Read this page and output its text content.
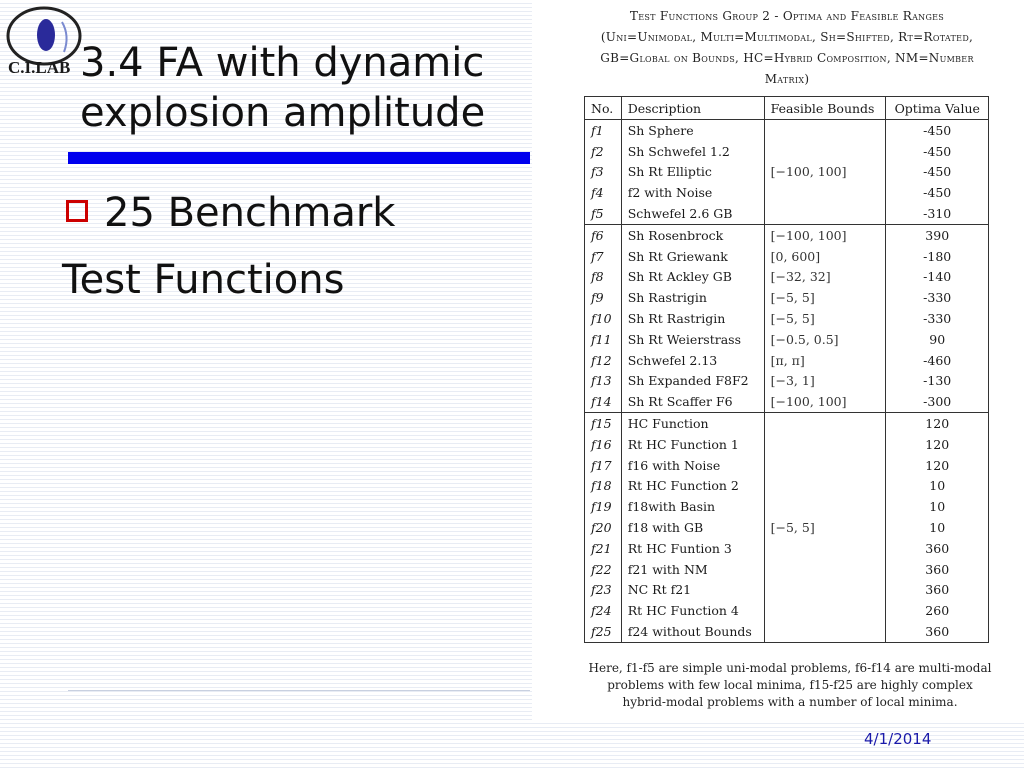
C.I.LAB 3.4 FA with dynamic
explosion amplitude
25 Benchmark
Test Functions
4/1/2014
Test Functions Group 2 - Optima and Feasible Ranges
(Uni=Unimodal, Multi=Multimodal, Sh=Shifted, Rt=Rotated,
GB=Global on Bounds, HC=Hybrid Composition, NM=Number
Matrix)
No.	Description	Feasible Bounds	Optima Value
f1	Sh Sphere		-450
f2	Sh Schwefel 1.2		-450
f3	Sh Rt Elliptic	[−100, 100]	-450
f4	f2 with Noise		-450
f5	Schwefel 2.6 GB		-310
f6	Sh Rosenbrock	[−100, 100]	390
f7	Sh Rt Griewank	[0, 600]	-180
f8	Sh Rt Ackley GB	[−32, 32]	-140
f9	Sh Rastrigin	[−5, 5]	-330
f10	Sh Rt Rastrigin	[−5, 5]	-330
f11	Sh Rt Weierstrass	[−0.5, 0.5]	90
f12	Schwefel 2.13	[π, π]	-460
f13	Sh Expanded F8F2	[−3, 1]	-130
f14	Sh Rt Scaffer F6	[−100, 100]	-300
f15	HC Function		120
f16	Rt HC Function 1		120
f17	f16 with Noise		120
f18	Rt HC Function 2		10
f19	f18with Basin		10
f20	f18 with GB	[−5, 5]	10
f21	Rt HC Funtion 3		360
f22	f21 with NM		360
f23	NC Rt f21		360
f24	Rt HC Function 4		260
f25	f24 without Bounds		360
Here, f1-f5 are simple uni-modal problems, f6-f14 are multi-modal
problems with few local minima, f15-f25 are highly complex
hybrid-modal problems with a number of local minima.
